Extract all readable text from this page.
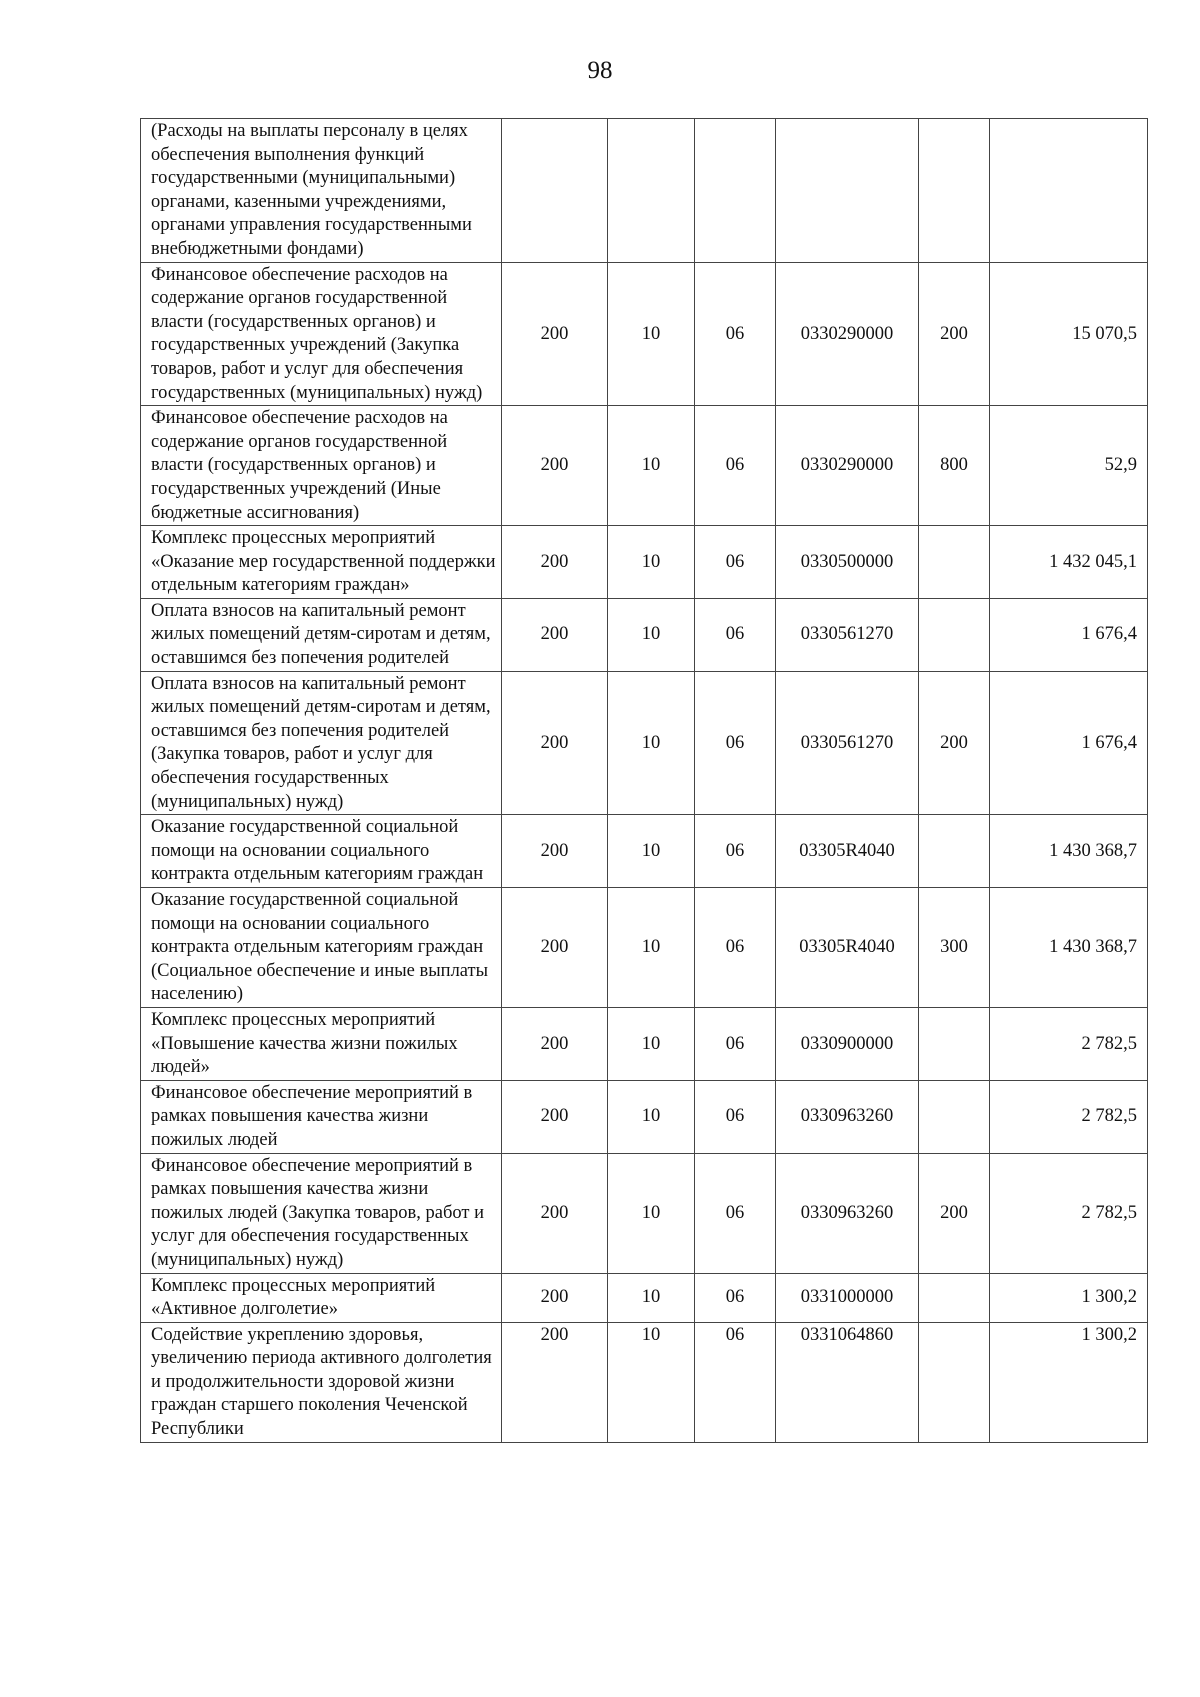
98
(Расходы на выплаты персоналу в целях обеспечения выполнения функций государственными (муниципальными) органами, казенными учреждениями, органами управления государственными внебюджетными фондами)						
Финансовое обеспечение расходов на содержание органов государственной власти (государственных органов) и государственных учреждений (Закупка товаров, работ и услуг для обеспечения государственных (муниципальных) нужд)	200	10	06	0330290000	200	15 070,5
Финансовое обеспечение расходов на содержание органов государственной власти (государственных органов) и государственных учреждений (Иные бюджетные ассигнования)	200	10	06	0330290000	800	52,9
Комплекс процессных мероприятий «Оказание мер государственной поддержки отдельным категориям граждан»	200	10	06	0330500000		1 432 045,1
Оплата взносов на капитальный ремонт жилых помещений детям-сиротам и детям, оставшимся без попечения родителей	200	10	06	0330561270		1 676,4
Оплата взносов на капитальный ремонт жилых помещений детям-сиротам и детям, оставшимся без попечения родителей (Закупка товаров, работ и услуг для обеспечения государственных (муниципальных) нужд)	200	10	06	0330561270	200	1 676,4
Оказание государственной социальной помощи на основании социального контракта отдельным категориям граждан	200	10	06	03305R4040		1 430 368,7
Оказание государственной социальной помощи на основании социального контракта отдельным категориям граждан (Социальное обеспечение и иные выплаты населению)	200	10	06	03305R4040	300	1 430 368,7
Комплекс процессных мероприятий «Повышение качества жизни пожилых людей»	200	10	06	0330900000		2 782,5
Финансовое обеспечение мероприятий в рамках повышения качества жизни пожилых людей	200	10	06	0330963260		2 782,5
Финансовое обеспечение мероприятий в рамках повышения качества жизни пожилых людей (Закупка товаров, работ и услуг для обеспечения государственных (муниципальных) нужд)	200	10	06	0330963260	200	2 782,5
Комплекс процессных мероприятий «Активное долголетие»	200	10	06	0331000000		1 300,2
Содействие укреплению здоровья, увеличению периода активного долголетия и продолжительности здоровой жизни граждан старшего поколения Чеченской Республики	200	10	06	0331064860		1 300,2
